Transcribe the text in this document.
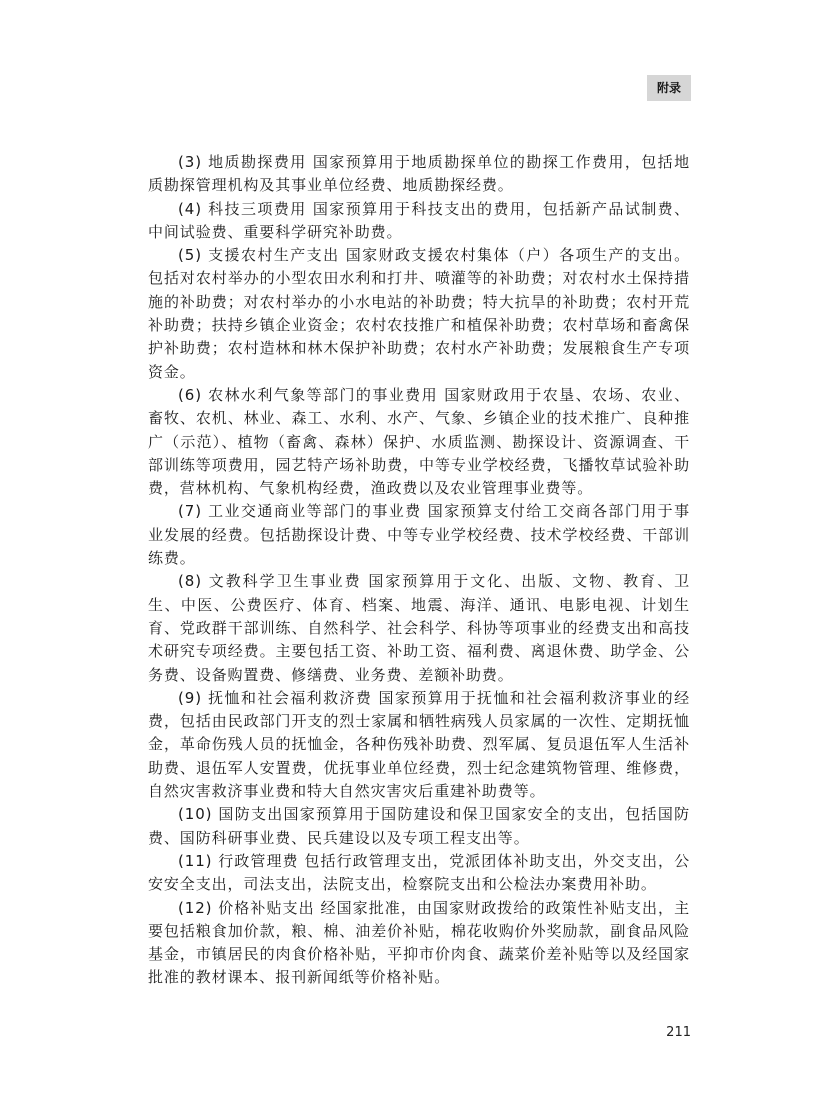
附录

(3) 地质勘探费用 国家预算用于地质勘探单位的勘探工作费用，包括地质勘探管理机构及其事业单位经费、地质勘探经费。

(4) 科技三项费用 国家预算用于科技支出的费用，包括新产品试制费、中间试验费、重要科学研究补助费。

(5) 支援农村生产支出 国家财政支援农村集体（户）各项生产的支出。包括对农村举办的小型农田水利和打井、喷灌等的补助费；对农村水土保持措施的补助费；对农村举办的小水电站的补助费；特大抗旱的补助费；农村开荒补助费；扶持乡镇企业资金；农村农技推广和植保补助费；农村草场和畜禽保护补助费；农村造林和林木保护补助费；农村水产补助费；发展粮食生产专项资金。

(6) 农林水利气象等部门的事业费用 国家财政用于农垦、农场、农业、畜牧、农机、林业、森工、水利、水产、气象、乡镇企业的技术推广、良种推广（示范）、植物（畜禽、森林）保护、水质监测、勘探设计、资源调查、干部训练等项费用，园艺特产场补助费，中等专业学校经费，飞播牧草试验补助费，营林机构、气象机构经费，渔政费以及农业管理事业费等。

(7) 工业交通商业等部门的事业费 国家预算支付给工交商各部门用于事业发展的经费。包括勘探设计费、中等专业学校经费、技术学校经费、干部训练费。

(8) 文教科学卫生事业费 国家预算用于文化、出版、文物、教育、卫生、中医、公费医疗、体育、档案、地震、海洋、通讯、电影电视、计划生育、党政群干部训练、自然科学、社会科学、科协等项事业的经费支出和高技术研究专项经费。主要包括工资、补助工资、福利费、离退休费、助学金、公务费、设备购置费、修缮费、业务费、差额补助费。

(9) 抚恤和社会福利救济费 国家预算用于抚恤和社会福利救济事业的经费，包括由民政部门开支的烈士家属和牺牲病残人员家属的一次性、定期抚恤金，革命伤残人员的抚恤金，各种伤残补助费、烈军属、复员退伍军人生活补助费、退伍军人安置费，优抚事业单位经费，烈士纪念建筑物管理、维修费，自然灾害救济事业费和特大自然灾害灾后重建补助费等。

(10) 国防支出国家预算用于国防建设和保卫国家安全的支出，包括国防费、国防科研事业费、民兵建设以及专项工程支出等。

(11) 行政管理费 包括行政管理支出，党派团体补助支出，外交支出，公安安全支出，司法支出，法院支出，检察院支出和公检法办案费用补助。

(12) 价格补贴支出 经国家批准，由国家财政拨给的政策性补贴支出，主要包括粮食加价款，粮、棉、油差价补贴，棉花收购价外奖励款，副食品风险基金，市镇居民的肉食价格补贴，平抑市价肉食、蔬菜价差补贴等以及经国家批准的教材课本、报刊新闻纸等价格补贴。

211
